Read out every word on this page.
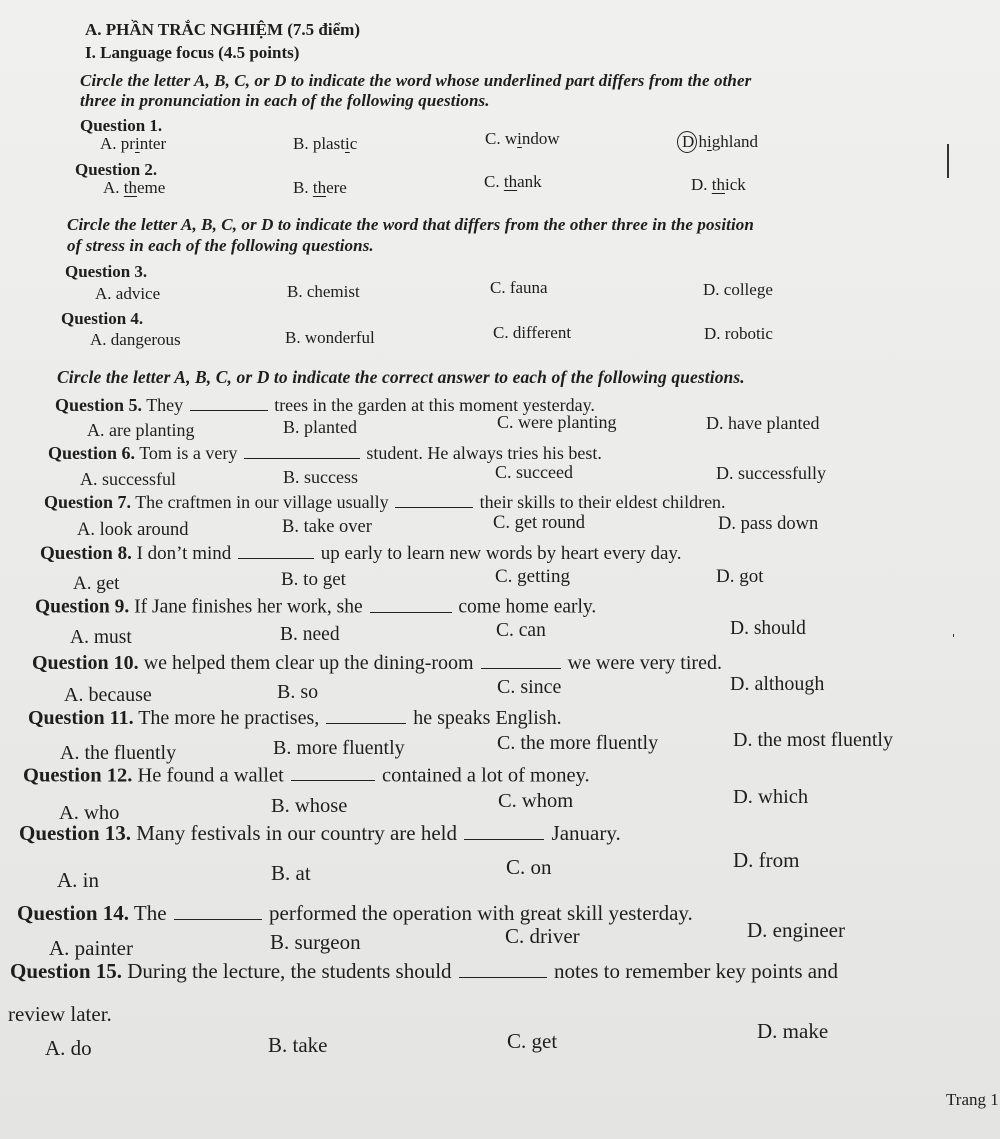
A. PHẦN TRẮC NGHIỆM (7.5 điểm)
I. Language focus (4.5 points)
Circle the letter A, B, C, or D to indicate the word whose underlined part differs from the other
three in pronunciation in each of the following questions.
Question 1.
A. printer	B. plastic	C. window	D highland
Question 2.
A. theme	B. there	C. thank	D. thick
Circle the letter A, B, C, or D to indicate the word that differs from the other three in the position
of stress in each of the following questions.
Question 3.
A. advice	B. chemist	C. fauna	D. college
Question 4.
A. dangerous	B. wonderful	C. different	D. robotic
Circle the letter A, B, C, or D to indicate the correct answer to each of the following questions.
Question 5. They	trees in the garden at this moment yesterday.
A. are planting	B. planted	C. were planting	D. have planted
Question 6. Tom is a very	student. He always tries his best.
A. successful	B. success	C. succeed	D. successfully
Question 7. The craftmen in our village usually	their skills to their eldest children.
A. look around	B. take over	C. get round	D. pass down
Question 8. I don’t mind	up early to learn new words by heart every day.
A. get	B. to get	C. getting	D. got
Question 9. If Jane finishes her work, she	come home early.
A. must	B. need	C. can	D. should
Question 10. we helped them clear up the dining-room	we were very tired.
A. because	B. so	C. since	D. although
Question 11. The more he practises,	he speaks English.
A. the fluently	B. more fluently	C. the more fluently	D. the most fluently
Question 12. He found a wallet	contained a lot of money.
A. who	B. whose	C. whom	D. which
Question 13. Many festivals in our country are held	January.
A. in	B. at	C. on	D. from
Question 14. The	performed the operation with great skill yesterday.
A. painter	B. surgeon	C. driver	D. engineer
Question 15. During the lecture, the students should	notes to remember key points and
review later.
A. do	B. take	C. get	D. make
Trang 1
